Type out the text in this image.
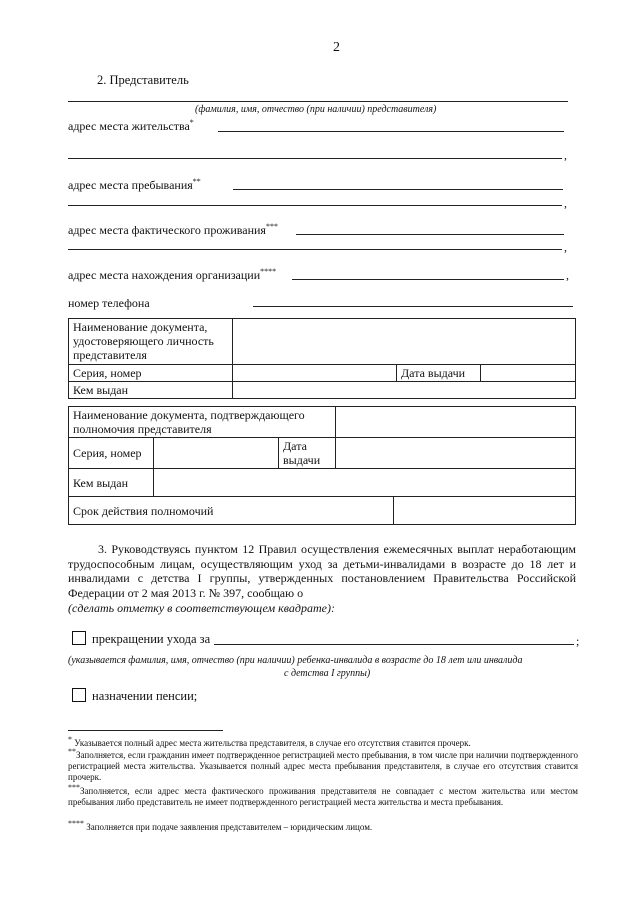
2
2. Представитель
(фамилия, имя, отчество (при наличии) представителя)
адрес места жительства*
,
адрес места пребывания**
,
адрес места фактического проживания***
,
адрес места нахождения организации****	,
номер телефона
Наименование документа, удостоверяющего личность представителя			
Серия, номер		Дата выдачи	
Кем выдан			
Наименование документа, подтверждающего полномочия представителя				
Серия, номер		Дата выдачи		
Кем выдан				
Срок действия полномочий				
3. Руководствуясь пунктом 12 Правил осуществления ежемесячных выплат неработающим трудоспособным лицам, осуществляющим уход за детьми-инвалидами в возрасте до 18 лет и инвалидами с детства I группы, утвержденных постановлением Правительства Российской Федерации от 2 мая 2013 г. № 397, сообщаю о
(сделать отметку в соответствующем квадрате):
прекращении ухода за	;
(указывается фамилия, имя, отчество (при наличии) ребенка-инвалида в возрасте до 18 лет или инвалида
с детства I группы)
назначении пенсии;
* Указывается полный адрес места жительства представителя, в случае его отсутствия ставится прочерк.
**Заполняется, если гражданин имеет подтвержденное регистрацией место пребывания, в том числе при наличии подтвержденного регистрацией места жительства. Указывается полный адрес места пребывания представителя, в случае его отсутствия ставится прочерк.
***Заполняется, если адрес места фактического проживания представителя не совпадает с местом жительства или местом пребывания либо представитель не имеет подтвержденного регистрацией места жительства и места пребывания.
**** Заполняется при подаче заявления представителем – юридическим лицом.
